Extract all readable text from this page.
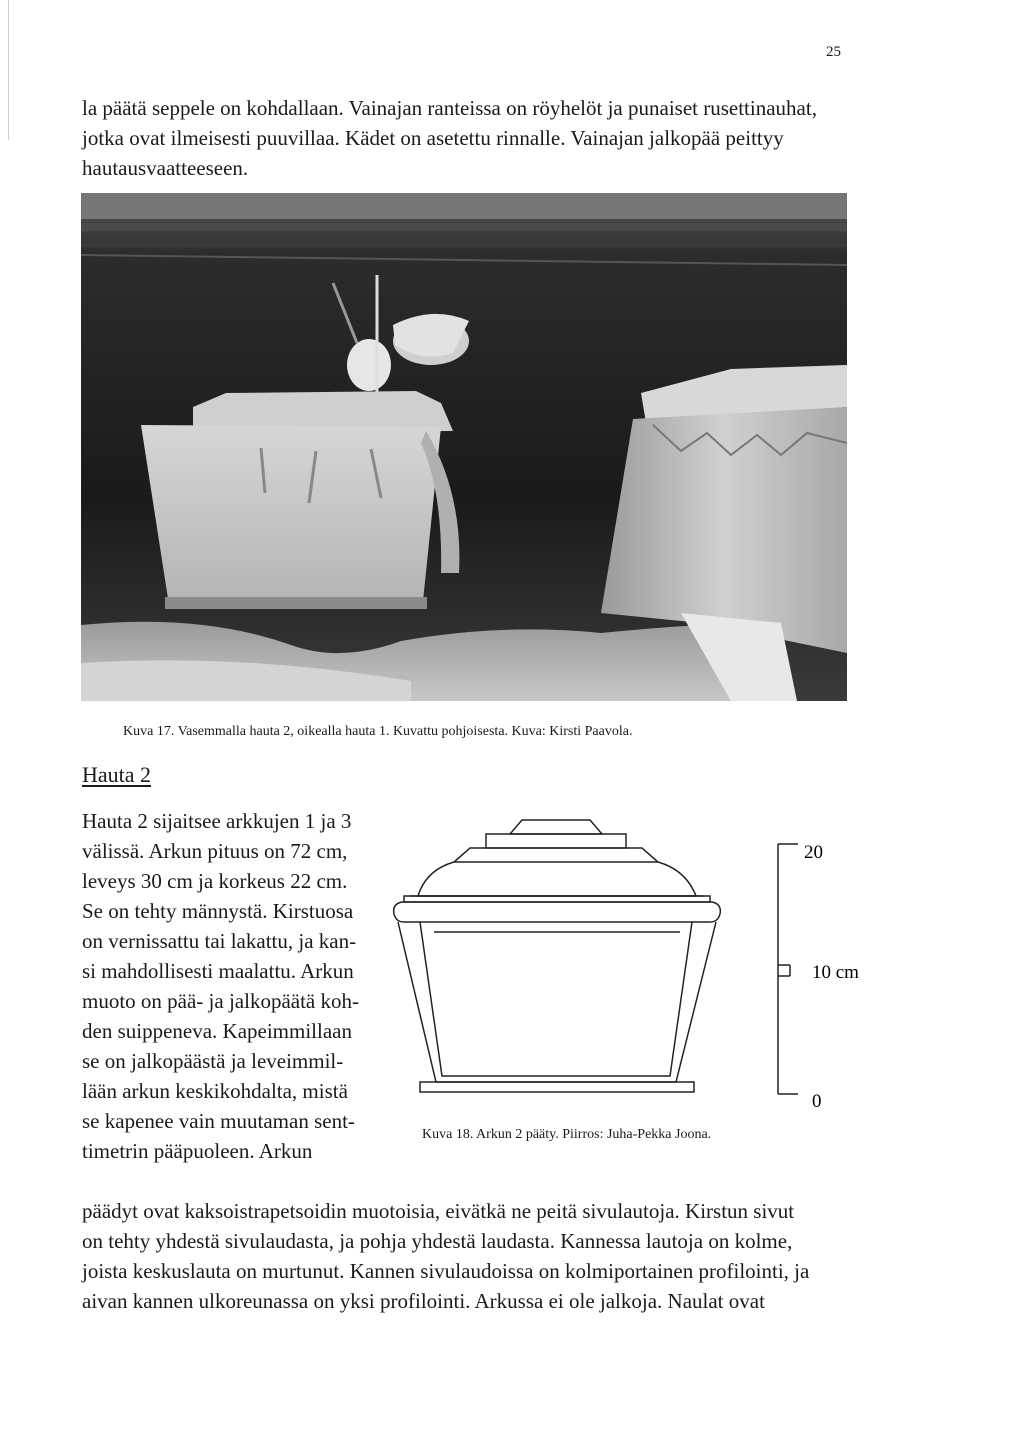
25

la päätä seppele on kohdallaan. Vainajan ranteissa on röyhelöt ja punaiset rusettinauhat,
jotka ovat ilmeisesti puuvillaa. Kädet on asetettu rinnalle. Vainajan jalkopää peittyy
hautausvaatteeseen.

Kuva 17. Vasemmalla hauta 2, oikealla hauta 1. Kuvattu pohjoisesta. Kuva: Kirsti Paavola.
Hauta 2

Hauta 2 sijaitsee arkkujen 1 ja 3
välissä. Arkun pituus on 72 cm,
leveys 30 cm ja korkeus 22 cm.
Se on tehty männystä. Kirstuosa
on vernissattu tai lakattu, ja kan-
si mahdollisesti maalattu. Arkun
muoto on pää- ja jalkopäätä koh-
den suippeneva. Kapeimmillaan
se on jalkopäästä ja leveimmil-
lään arkun keskikohdalta, mistä
se kapenee vain muutaman sent-
timetrin pääpuoleen. Arkun

20
10 cm
0
Kuva 18. Arkun 2 pääty. Piirros: Juha-Pekka Joona.

päädyt ovat kaksoistrapetsoidin muotoisia, eivätkä ne peitä sivulautoja. Kirstun sivut
on tehty yhdestä sivulaudasta, ja pohja yhdestä laudasta. Kannessa lautoja on kolme,
joista keskuslauta on murtunut. Kannen sivulaudoissa on kolmiportainen profilointi, ja
aivan kannen ulkoreunassa on yksi profilointi. Arkussa ei ole jalkoja. Naulat ovat
